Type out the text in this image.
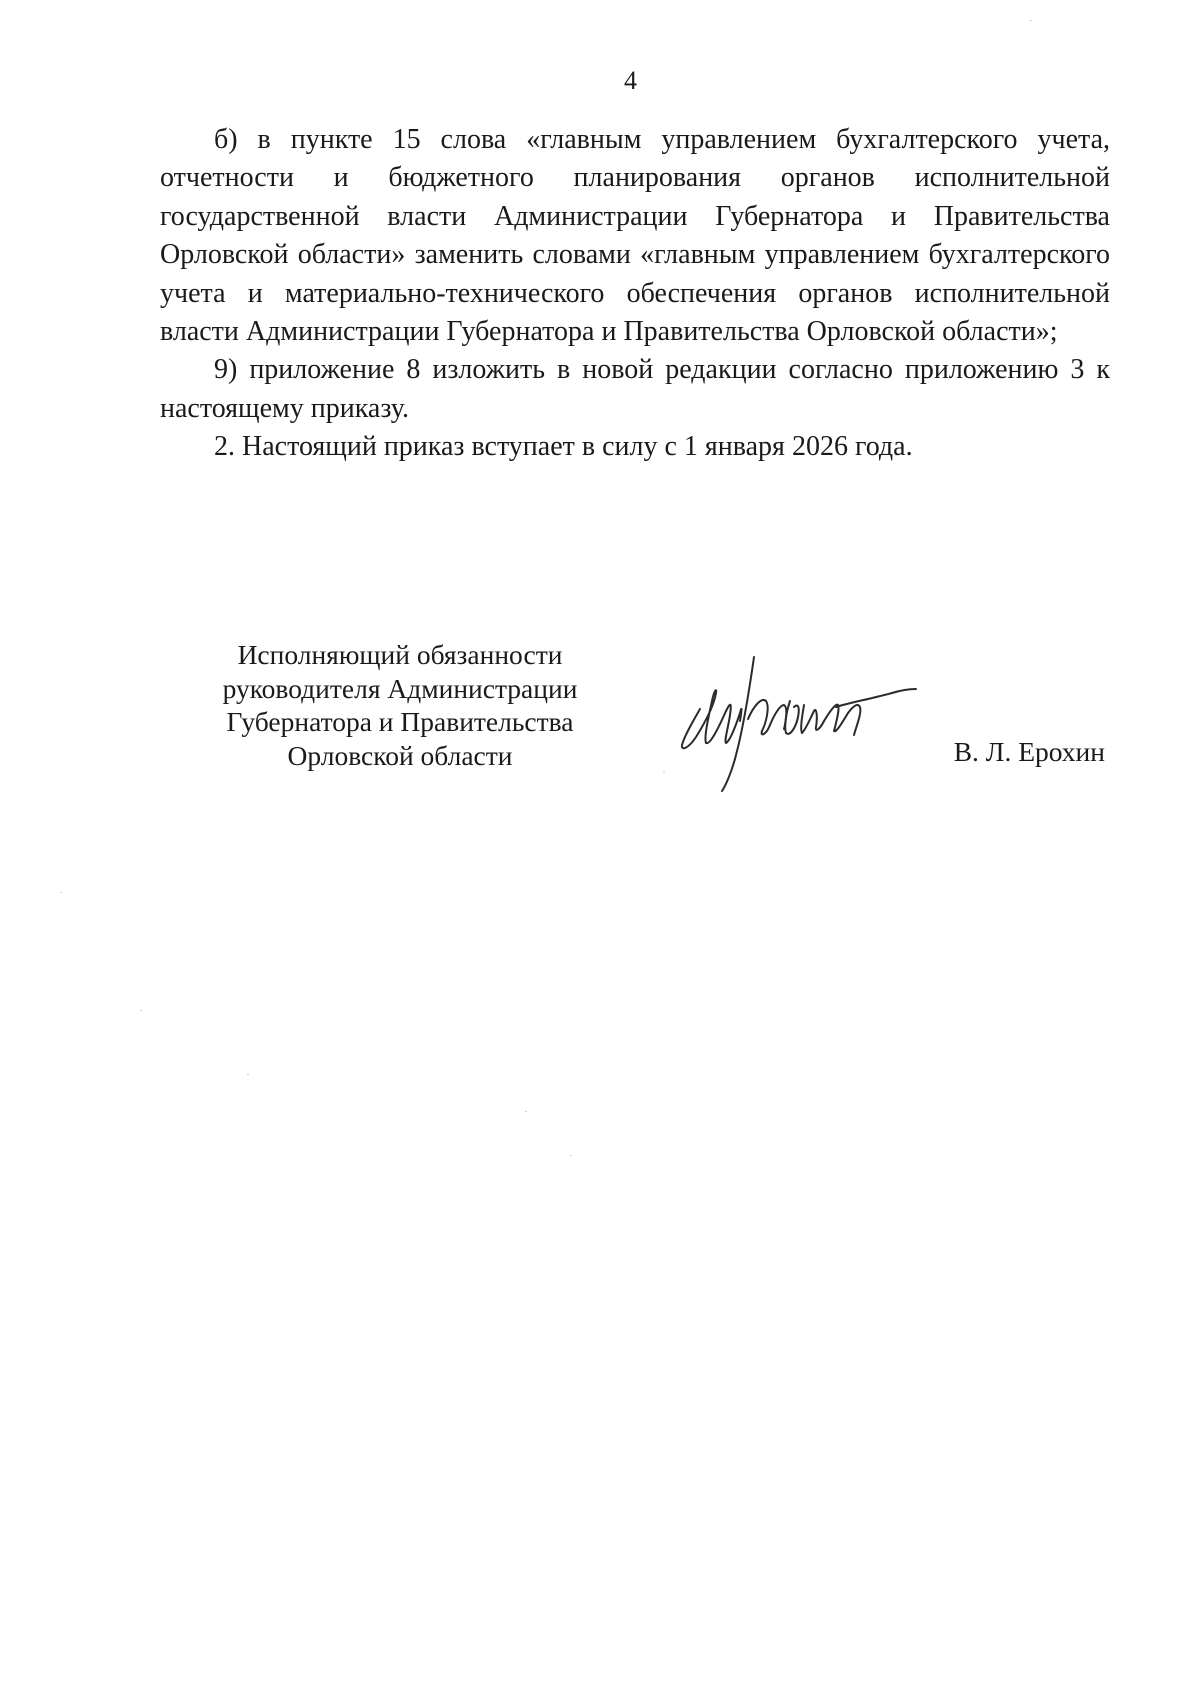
4

б) в пункте 15 слова «главным управлением бухгалтерского учета, отчетности и бюджетного планирования органов исполнительной государственной власти Администрации Губернатора и Правительства Орловской области» заменить словами «главным управлением бухгалтерского учета и материально-технического обеспечения органов исполнительной власти Администрации Губернатора и Правительства Орловской области»;

9) приложение 8 изложить в новой редакции согласно приложению 3 к настоящему приказу.

2. Настоящий приказ вступает в силу с 1 января 2026 года.

Исполняющий обязанности
руководителя Администрации
Губернатора и Правительства
Орловской области	В. Л. Ерохин
